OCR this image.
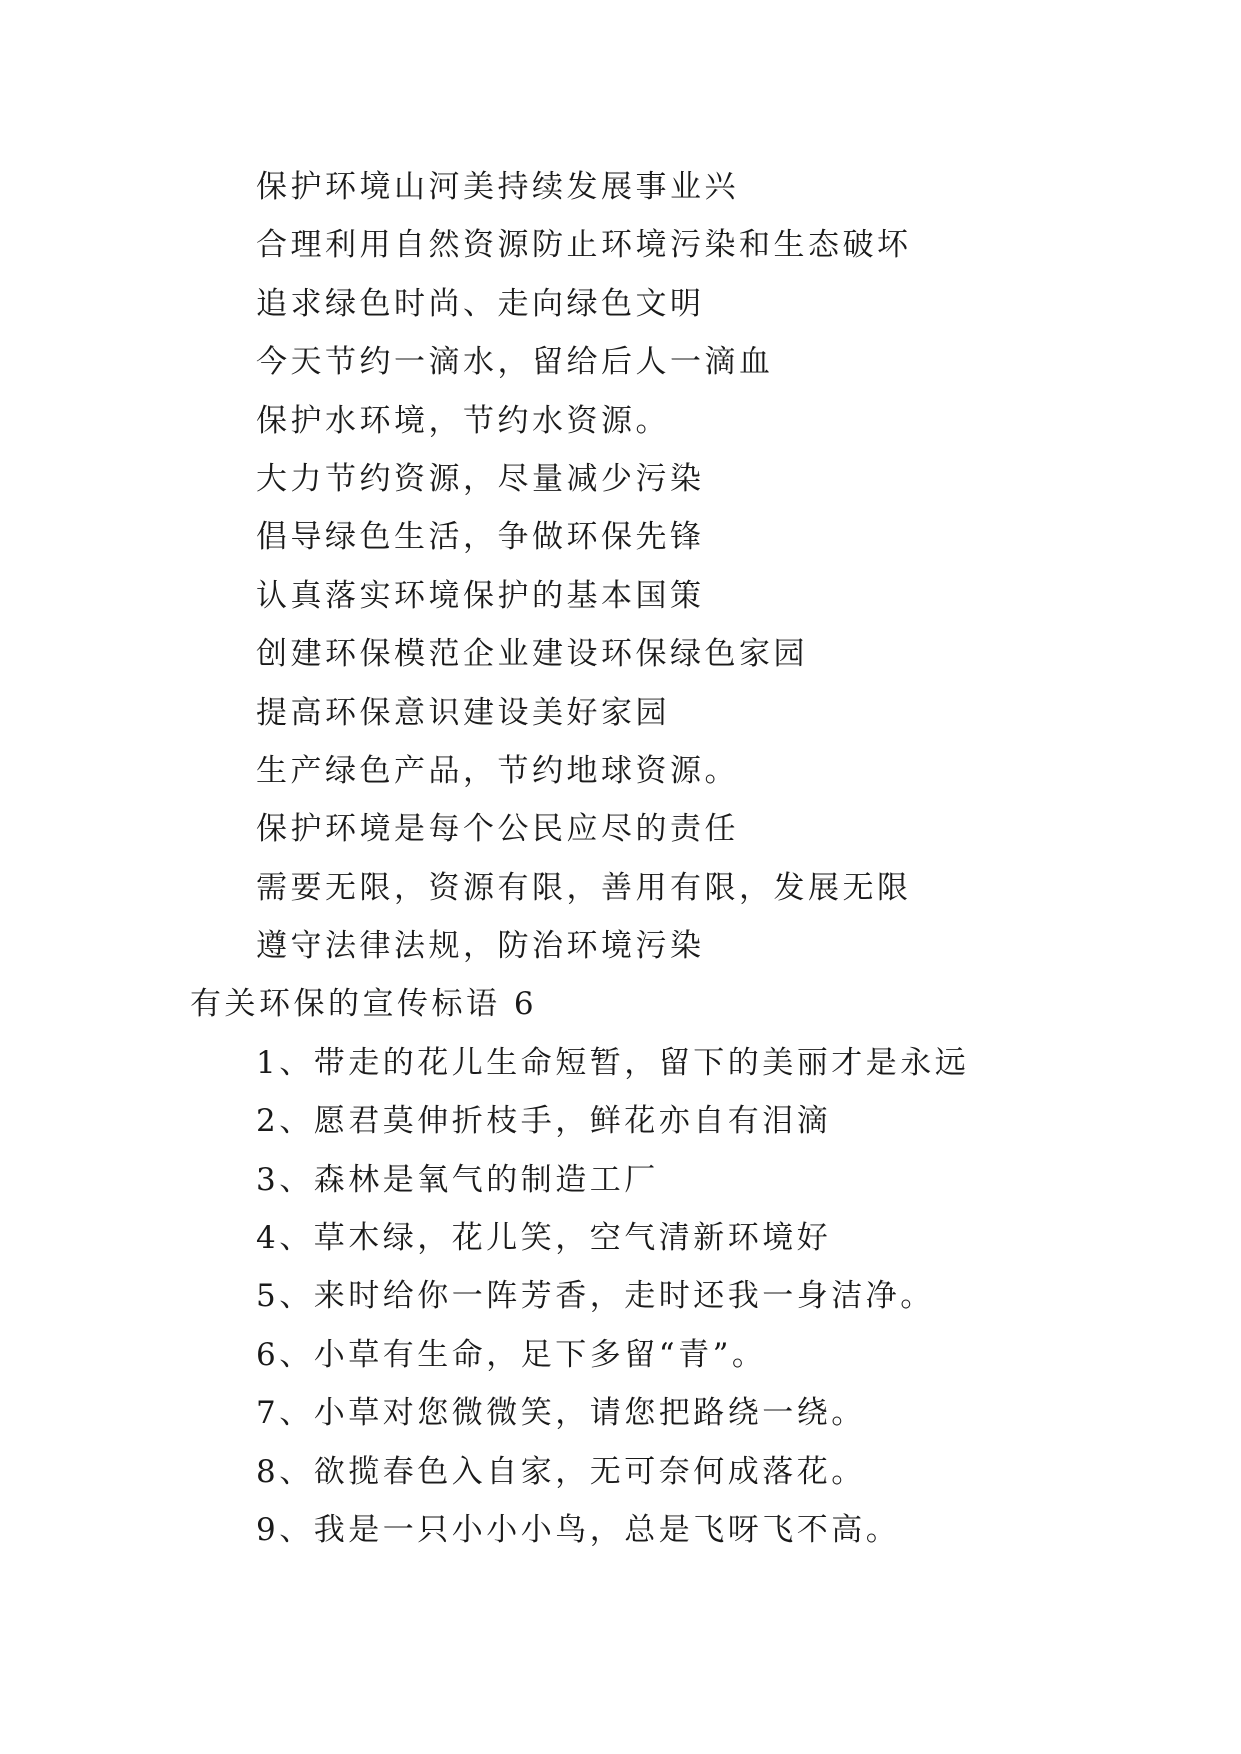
保护环境山河美持续发展事业兴
合理利用自然资源防止环境污染和生态破坏
追求绿色时尚、走向绿色文明
今天节约一滴水，留给后人一滴血
保护水环境，节约水资源。
大力节约资源，尽量减少污染
倡导绿色生活，争做环保先锋
认真落实环境保护的基本国策
创建环保模范企业建设环保绿色家园
提高环保意识建设美好家园
生产绿色产品，节约地球资源。
保护环境是每个公民应尽的责任
需要无限，资源有限，善用有限，发展无限
遵守法律法规，防治环境污染
有关环保的宣传标语 6
1、带走的花儿生命短暂，留下的美丽才是永远
2、愿君莫伸折枝手，鲜花亦自有泪滴
3、森林是氧气的制造工厂
4、草木绿，花儿笑，空气清新环境好
5、来时给你一阵芳香，走时还我一身洁净。
6、小草有生命，足下多留“青”。
7、小草对您微微笑，请您把路绕一绕。
8、欲揽春色入自家，无可奈何成落花。
9、我是一只小小小鸟，总是飞呀飞不高。
